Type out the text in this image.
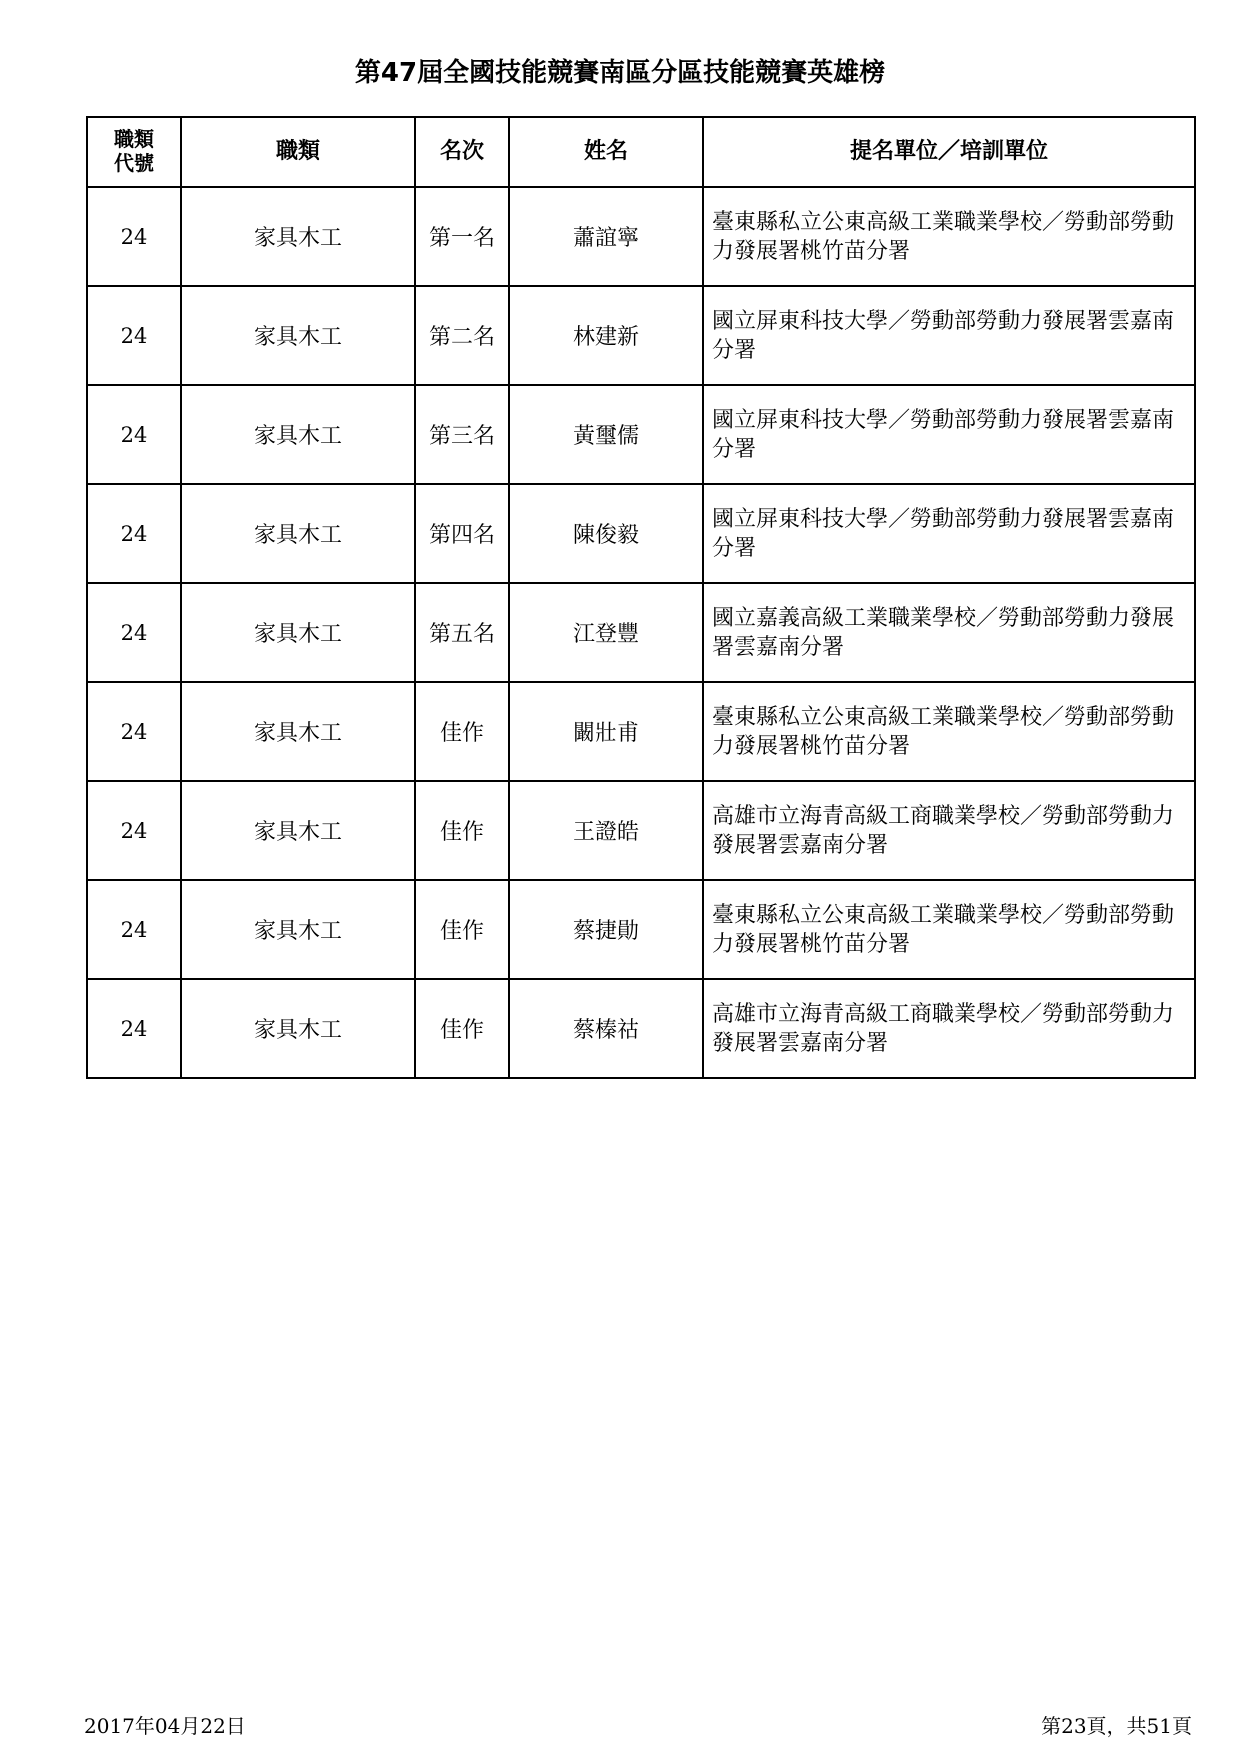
第47屆全國技能競賽南區分區技能競賽英雄榜
職類
代號	職類	名次	姓名	提名單位／培訓單位
24	家具木工	第一名	蕭誼寧	臺東縣私立公東高級工業職業學校／勞動部勞動力發展署桃竹苗分署
24	家具木工	第二名	林建新	國立屏東科技大學／勞動部勞動力發展署雲嘉南分署
24	家具木工	第三名	黃璽儒	國立屏東科技大學／勞動部勞動力發展署雲嘉南分署
24	家具木工	第四名	陳俊毅	國立屏東科技大學／勞動部勞動力發展署雲嘉南分署
24	家具木工	第五名	江登豐	國立嘉義高級工業職業學校／勞動部勞動力發展署雲嘉南分署
24	家具木工	佳作	闞壯甫	臺東縣私立公東高級工業職業學校／勞動部勞動力發展署桃竹苗分署
24	家具木工	佳作	王證皓	高雄市立海青高級工商職業學校／勞動部勞動力發展署雲嘉南分署
24	家具木工	佳作	蔡捷勛	臺東縣私立公東高級工業職業學校／勞動部勞動力發展署桃竹苗分署
24	家具木工	佳作	蔡榛祜	高雄市立海青高級工商職業學校／勞動部勞動力發展署雲嘉南分署
2017年04月22日	第23頁，共51頁
